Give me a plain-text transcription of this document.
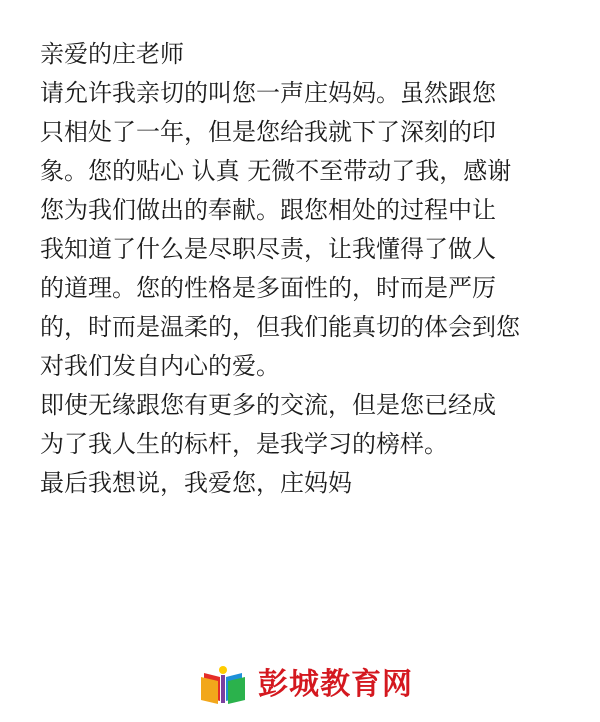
亲爱的庄老师
请允许我亲切的叫您一声庄妈妈。虽然跟您
只相处了一年，但是您给我就下了深刻的印
象。您的贴心 认真 无微不至带动了我，感谢
您为我们做出的奉献。跟您相处的过程中让
我知道了什么是尽职尽责，让我懂得了做人
的道理。您的性格是多面性的，时而是严厉
的，时而是温柔的，但我们能真切的体会到您
对我们发自内心的爱。
即使无缘跟您有更多的交流，但是您已经成
为了我人生的标杆，是我学习的榜样。
最后我想说，我爱您，庄妈妈
彭城教育网
